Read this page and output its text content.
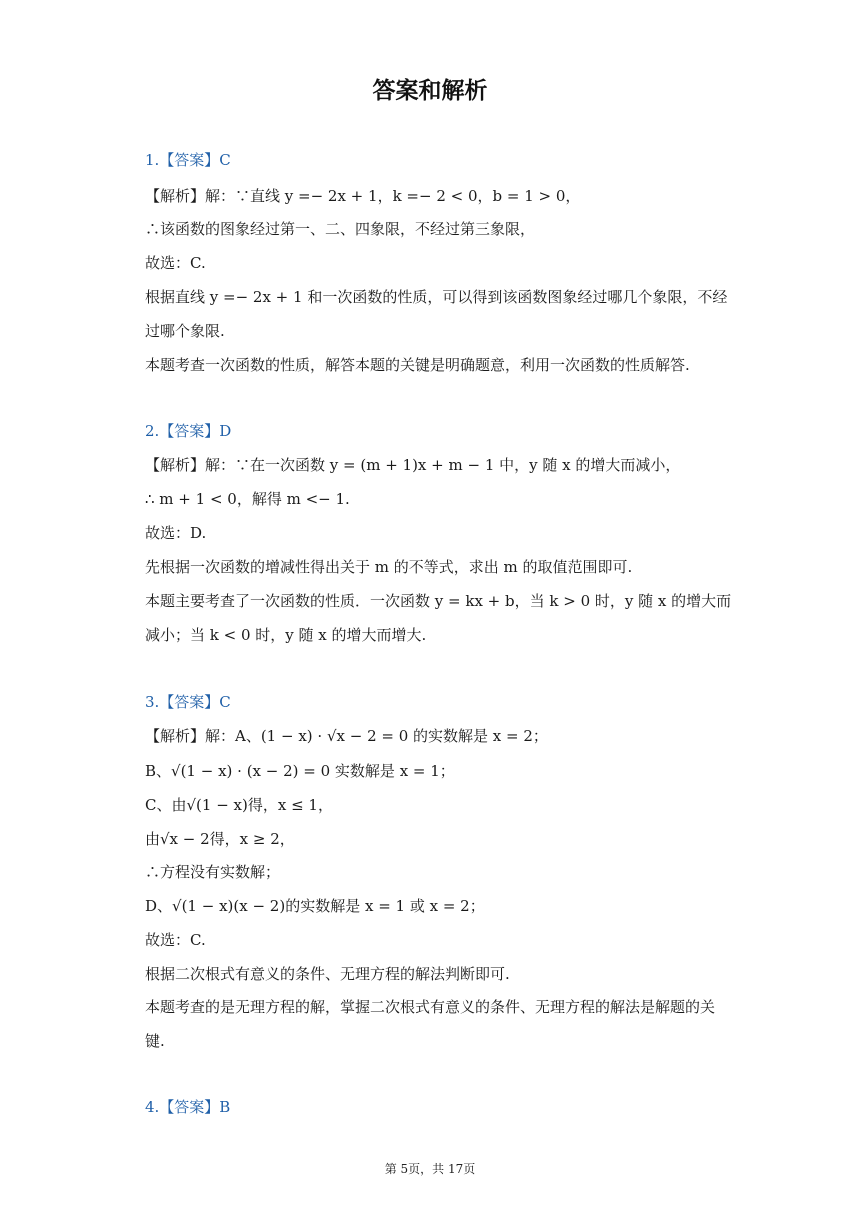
答案和解析
1.【答案】C
【解析】解：∵直线 y =− 2x + 1，k =− 2 < 0，b = 1 > 0，
∴该函数的图象经过第一、二、四象限，不经过第三象限，
故选：C.
根据直线 y =− 2x + 1 和一次函数的性质，可以得到该函数图象经过哪几个象限，不经
过哪个象限.
本题考查一次函数的性质，解答本题的关键是明确题意，利用一次函数的性质解答.
2.【答案】D
【解析】解：∵在一次函数 y = (m + 1)x + m − 1 中，y 随 x 的增大而减小，
∴ m + 1 < 0，解得 m <− 1.
故选：D.
先根据一次函数的增减性得出关于 m 的不等式，求出 m 的取值范围即可.
本题主要考查了一次函数的性质．一次函数 y = kx + b，当 k > 0 时，y 随 x 的增大而
减小；当 k < 0 时，y 随 x 的增大而增大.
3.【答案】C
【解析】解：A、(1 − x) · √x − 2 = 0 的实数解是 x = 2；
B、√(1 − x) · (x − 2) = 0 实数解是 x = 1；
C、由√(1 − x)得，x ≤ 1，
由√x − 2得，x ≥ 2，
∴方程没有实数解；
D、√(1 − x)(x − 2)的实数解是 x = 1 或 x = 2；
故选：C.
根据二次根式有意义的条件、无理方程的解法判断即可.
本题考查的是无理方程的解，掌握二次根式有意义的条件、无理方程的解法是解题的关
键.
4.【答案】B
第 5页，共 17页
